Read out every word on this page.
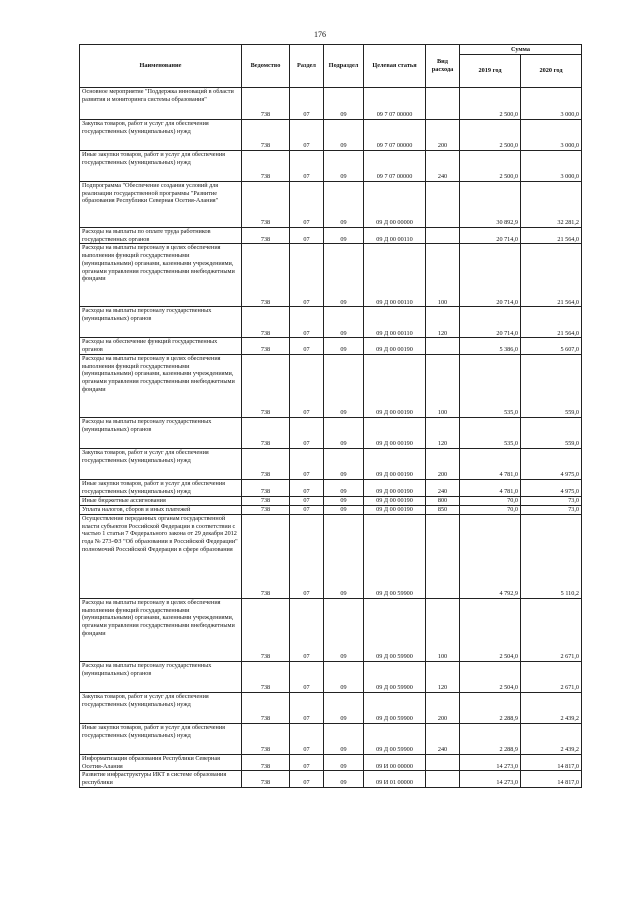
176
Наименование	Ведомство	Раздел	Подраздел	Целевая статья	Вид расхода	Сумма	
						2019 год	2020 год
Основное мероприятие "Поддержка инноваций в области развития и мониторинга системы образования"	738	07	09	09 7 07 00000		2 500,0	3 000,0
Закупка товаров, работ и услуг для обеспечения государственных (муниципальных) нужд	738	07	09	09 7 07 00000	200	2 500,0	3 000,0
Иные закупки товаров, работ и услуг для обеспечения государственных (муниципальных) нужд	738	07	09	09 7 07 00000	240	2 500,0	3 000,0
Подпрограмма "Обеспечение создания условий для реализации государственной программы "Развитие образования Республики Северная Осетия-Алания"	738	07	09	09 Д 00 00000		30 892,9	32 281,2
Расходы на выплаты по оплате труда работников государственных органов	738	07	09	09 Д 00 00110		20 714,0	21 564,0
Расходы на выплаты персоналу в целях обеспечения выполнения функций государственными (муниципальными) органами, казенными учреждениями, органами управления государственными внебюджетными фондами	738	07	09	09 Д 00 00110	100	20 714,0	21 564,0
Расходы на выплаты персоналу государственных (муниципальных) органов	738	07	09	09 Д 00 00110	120	20 714,0	21 564,0
Расходы на обеспечение функций государственных органов	738	07	09	09 Д 00 00190		5 386,0	5 607,0
Расходы на выплаты персоналу в целях обеспечения выполнения функций государственными (муниципальными) органами, казенными учреждениями, органами управления государственными внебюджетными фондами	738	07	09	09 Д 00 00190	100	535,0	559,0
Расходы на выплаты персоналу государственных (муниципальных) органов	738	07	09	09 Д 00 00190	120	535,0	559,0
Закупка товаров, работ и услуг для обеспечения государственных (муниципальных) нужд	738	07	09	09 Д 00 00190	200	4 781,0	4 975,0
Иные закупки товаров, работ и услуг для обеспечения государственных (муниципальных) нужд	738	07	09	09 Д 00 00190	240	4 781,0	4 975,0
Иные бюджетные ассигнования	738	07	09	09 Д 00 00190	800	70,0	73,0
Уплата налогов, сборов и иных платежей	738	07	09	09 Д 00 00190	850	70,0	73,0
Осуществление переданных органам государственной власти субъектов Российской Федерации в соответствии с частью 1 статьи 7 Федерального закона от 29 декабря 2012 года № 273-ФЗ "Об образовании в Российской Федерации" полномочий Российской Федерации в сфере образования	738	07	09	09 Д 00 59900		4 792,9	5 110,2
Расходы на выплаты персоналу в целях обеспечения выполнения функций государственными (муниципальными) органами, казенными учреждениями, органами управления государственными внебюджетными фондами	738	07	09	09 Д 00 59900	100	2 504,0	2 671,0
Расходы на выплаты персоналу государственных (муниципальных) органов	738	07	09	09 Д 00 59900	120	2 504,0	2 671,0
Закупка товаров, работ и услуг для обеспечения государственных (муниципальных) нужд	738	07	09	09 Д 00 59900	200	2 288,9	2 439,2
Иные закупки товаров, работ и услуг для обеспечения государственных (муниципальных) нужд	738	07	09	09 Д 00 59900	240	2 288,9	2 439,2
Информатизация образования Республики Северная Осетия-Алания	738	07	09	09 И 00 00000		14 273,0	14 817,0
Развитие инфраструктуры ИКТ в системе образования республики	738	07	09	09 И 01 00000		14 273,0	14 817,0
